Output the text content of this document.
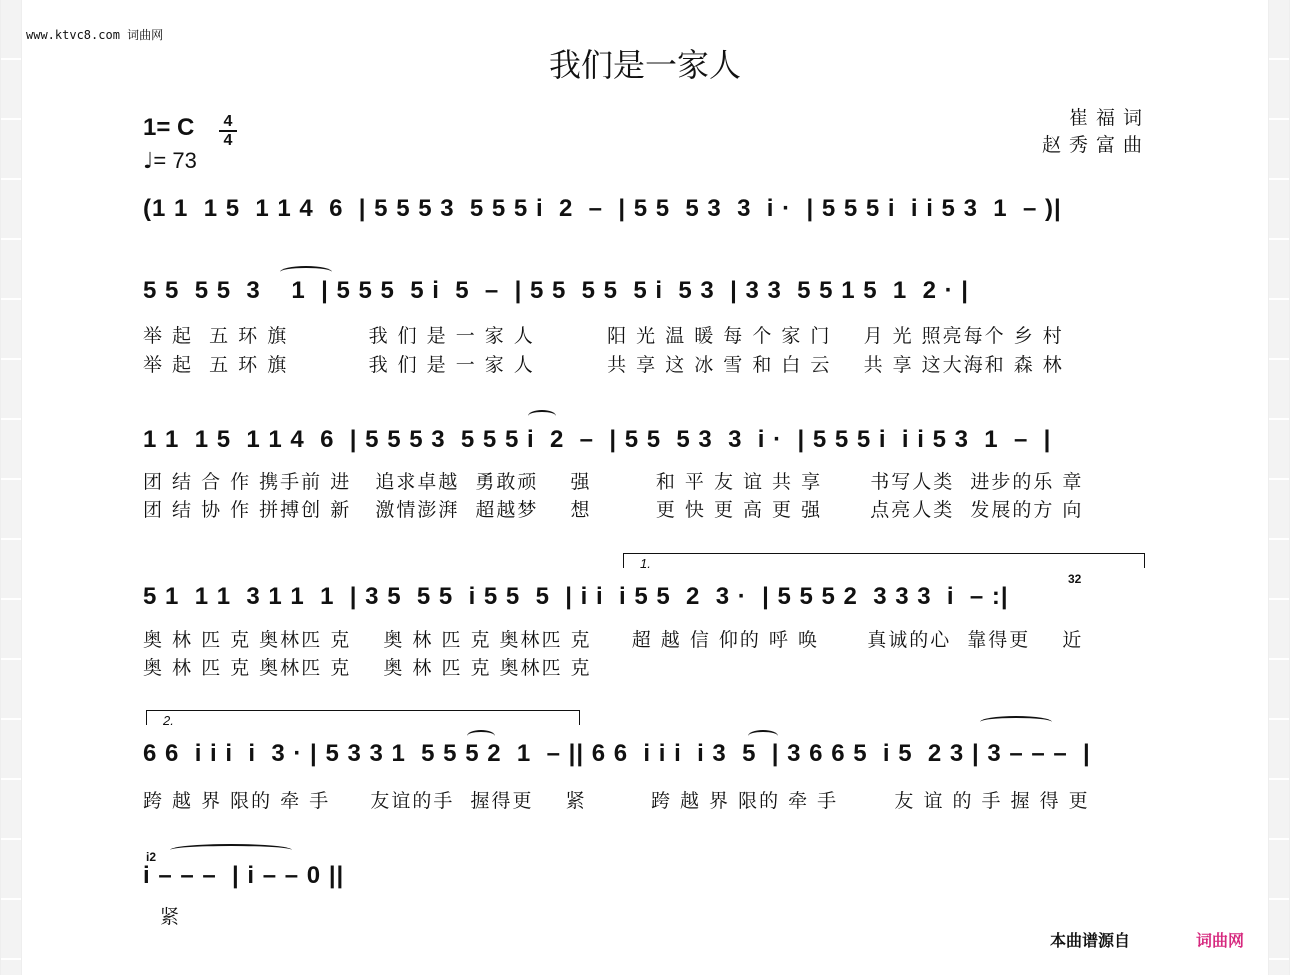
www.ktvc8.com 词曲网
我们是一家人
崔福词
赵秀富曲
1= C	4
4
♩= 73
(1 1  1 5  1 1 4  6  | 5 5 5 3  5 5 5 i  2  –  | 5 5  5 3  3  i ·  | 5 5 5 i  i i 5 3  1  – )|
5 5  5 5  3    1  | 5 5 5  5 i  5  –  | 5 5  5 5  5 i  5 3  | 3 3  5 5 1 5  1  2 · |
举 起  五 环 旗          我 们 是 一 家 人         阳 光 温 暖 每 个 家 门    月 光 照亮每个 乡 村
举 起  五 环 旗          我 们 是 一 家 人         共 享 这 冰 雪 和 白 云    共 享 这大海和 森 林
1 1  1 5  1 1 4  6  | 5 5 5 3  5 5 5 i  2  –  | 5 5  5 3  3  i ·  | 5 5 5 i  i i 5 3  1  –  |
团 结 合 作 携手前 进   追求卓越  勇敢顽    强        和 平 友 谊 共 享      书写人类  进步的乐 章
团 结 协 作 拼搏创 新   激情澎湃  超越梦    想        更 快 更 高 更 强      点亮人类  发展的方 向
1.
5 1  1 1  3 1 1  1  | 3 5  5 5  i 5 5  5  | i i  i 5 5  2  3 ·  | 5 5 5 2  3 3 3  i  – :|
32
奥 林 匹 克 奥林匹 克    奥 林 匹 克 奥林匹 克     超 越 信 仰的 呼 唤      真诚的心  靠得更    近
奥 林 匹 克 奥林匹 克    奥 林 匹 克 奥林匹 克
2.
6 6  i i i  i  3 · | 5 3 3 1  5 5 5 2  1  – || 6 6  i i i  i 3  5  | 3 6 6 5  i 5  2 3 | 3 – – –  |
跨 越 界 限的 牵 手     友谊的手  握得更    紧        跨 越 界 限的 牵 手       友 谊 的 手 握 得 更
i2
i – – –  | i – – 0 ||
紧
本曲谱源自	词曲网
